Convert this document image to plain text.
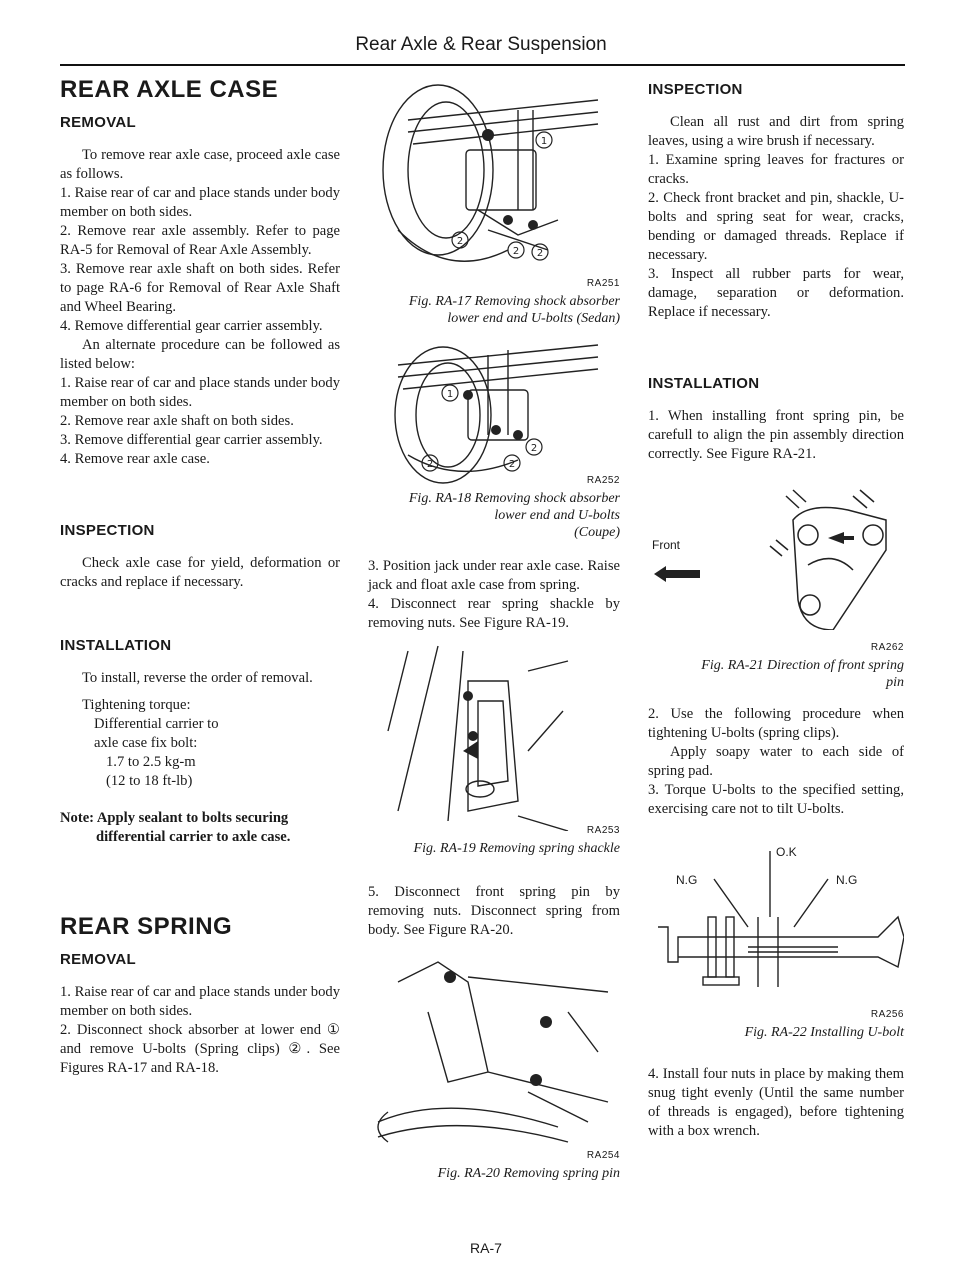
Rear Axle & Rear Suspension
REAR AXLE CASE
REMOVAL

To remove rear axle case, proceed axle case as follows.

1. Raise rear of car and place stands under body member on both sides.

2. Remove rear axle assembly. Refer to page RA-5 for Removal of Rear Axle Assembly.

3. Remove rear axle shaft on both sides. Refer to page RA-6 for Removal of Rear Axle Shaft and Wheel Bearing.

4. Remove differential gear carrier assembly.

An alternate procedure can be followed as listed below:

1. Raise rear of car and place stands under body member on both sides.

2. Remove rear axle shaft on both sides.

3. Remove differential gear carrier assembly.

4. Remove rear axle case.

INSPECTION

Check axle case for yield, deformation or cracks and replace if necessary.

INSTALLATION

To install, reverse the order of removal.

Tightening torque:

Differential carrier to

axle case fix bolt:

1.7 to 2.5 kg-m

(12 to 18 ft-lb)

Note: Apply sealant to bolts securing

differential carrier to axle case.

REAR SPRING
REMOVAL

1. Raise rear of car and place stands under body member on both sides.

2. Disconnect shock absorber at lower end ① and remove U-bolts (Spring clips) ②. See Figures RA-17 and RA-18.

1
2
2 2
RA251
Fig. RA-17 Removing shock absorber
lower end and U-bolts (Sedan)
1
2	2
2
RA252
Fig. RA-18 Removing shock absorber
lower end and U-bolts
(Coupe)

3. Position jack under rear axle case. Raise jack and float axle case from spring.

4. Disconnect rear spring shackle by removing nuts. See Figure RA-19.

RA253
Fig. RA-19 Removing spring shackle

5. Disconnect front spring pin by removing nuts. Disconnect spring from body. See Figure RA-20.

RA254
Fig. RA-20 Removing spring pin
INSPECTION

Clean all rust and dirt from spring leaves, using a wire brush if necessary.

1. Examine spring leaves for fractures or cracks.

2. Check front bracket and pin, shackle, U-bolts and spring seat for wear, cracks, bending or damaged threads. Replace if necessary.

3. Inspect all rubber parts for wear, damage, separation or deformation. Replace if necessary.

INSTALLATION

1. When installing front spring pin, be carefull to align the pin assembly direction correctly. See Figure RA-21.

Front
RA262
Fig. RA-21 Direction of front spring
pin

2. Use the following procedure when tightening U-bolts (spring clips).

Apply soapy water to each side of spring pad.

3. Torque U-bolts to the specified setting, exercising care not to tilt U-bolts.

O.K
N.G	N.G
RA256
Fig. RA-22 Installing U-bolt

4. Install four nuts in place by making them snug tight evenly (Until the same number of threads is engaged), before tightening with a box wrench.

RA-7
